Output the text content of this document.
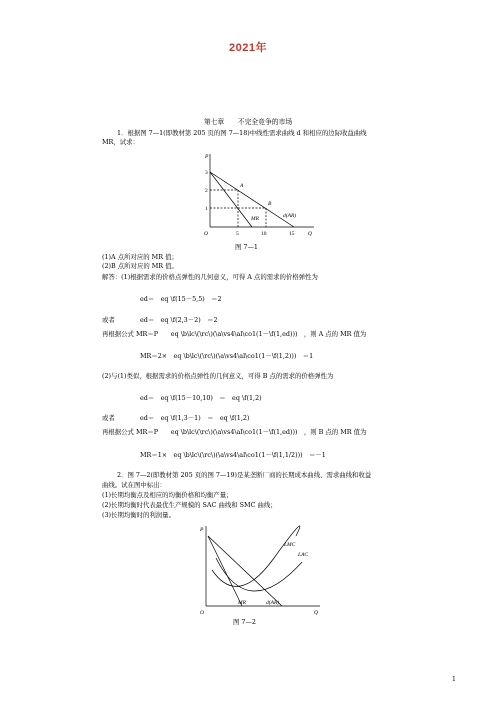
2021年
第七章　　不完全竞争的市场
1．根据图 7—1(即教材第 205 页的图 7—18)中线性需求曲线 d 和相应的边际收益曲线
MR，试求：
P
Q
O
3
2
1
5	10	15
A
B
MR	d(AR)
图 7—1
(1)A 点所对应的 MR 值；
(2)B 点所对应的 MR 值。
解答：(1)根据需求的价格点弹性的几何意义，可得 A 点的需求的价格弹性为
ed＝　eq \f(15－5,5)　＝2
或者	ed＝　eq \f(2,3－2)　＝2
再根据公式 MR＝P　　eq \b\lc\(\rc\)(\a\vs4\al\co1(1－\f(1,ed)))　，则 A 点的 MR 值为
MR＝2×　eq \b\lc\(\rc\)(\a\vs4\al\co1(1－\f(1,2)))　＝1
(2)与(1)类似，根据需求的价格点弹性的几何意义，可得 B 点的需求的价格弹性为
ed＝　eq \f(15－10,10)　＝　eq \f(1,2)
或者	ed＝　eq \f(1,3－1)　＝　eq \f(1,2)
再根据公式 MR＝P　　eq \b\lc\(\rc\)(\a\vs4\al\co1(1－\f(1,ed)))　，则 B 点的 MR 值为
MR＝1×　eq \b\lc\(\rc\)(\a\vs4\al\co1(1－\f(1,1/2)))　＝－1
2．图 7—2(即教材第 205 页的图 7—19)是某垄断厂商的长期成本曲线、需求曲线和收益
曲线。试在图中标出：
(1)长期均衡点及相应的均衡价格和均衡产量；
(2)长期均衡时代表最优生产规模的 SAC 曲线和 SMC 曲线；
(3)长期均衡时的利润量。
P
Q
O
LMC
LAC
MR	d(AR)
图 7—2
1
